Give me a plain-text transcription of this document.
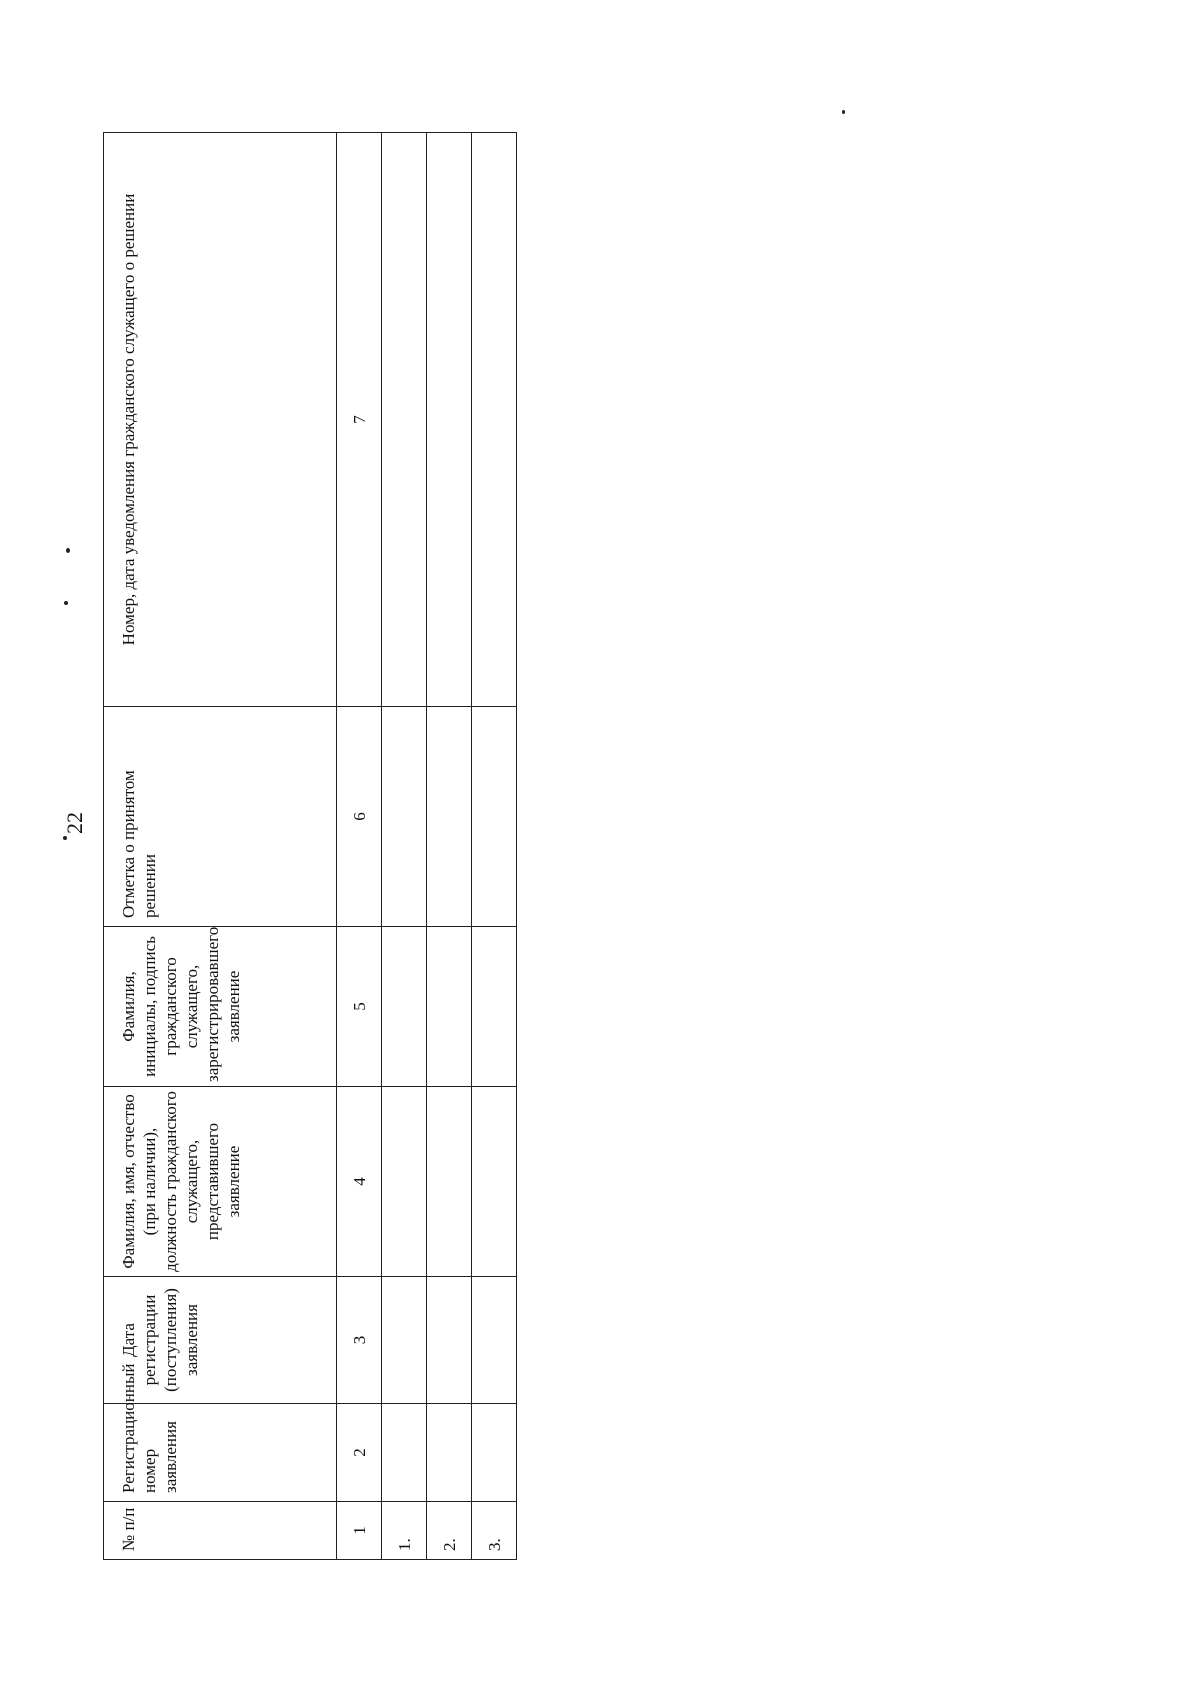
22
№ п/п	Регистрационный номер заявления	Дата регистрации (поступления) заявления	Фамилия, имя, отчество (при наличии), должность гражданского служащего, представившего заявление	Фамилия, инициалы, подпись гражданского служащего, зарегистрировавшего заявление	Отметка о принятом решении	Номер, дата уведомления гражданского служащего о решении
1	2	3	4	5	6	7
1.						
2.						
3.						
